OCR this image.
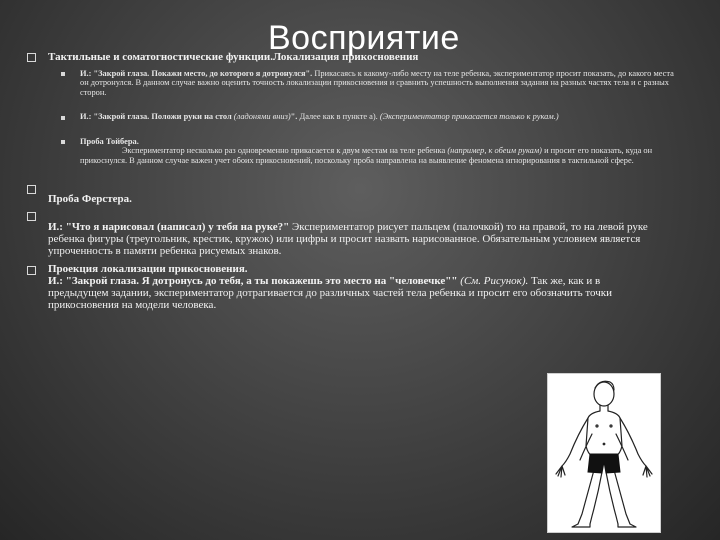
Восприятие
Тактильные и соматогностические функции.Локализация прикосновения
И.: "Закрой глаза. Покажи место, до которого я дотронулся". Прикасаясь к какому-либо месту на теле ребенка, экспериментатор просит показать, до какого места он дотронулся. В данном случае важно оценить точность локализации прикосновения и сравнить успешность выполнения задания на разных частях тела и с разных сторон.
И.: "Закрой глаза. Положи руки на стол (ладонями вниз)". Далее как в пункте а). (Экспериментатор прикасается только к рукам.)
Проба Тойбера.
Экспериментатор несколько раз одновременно прикасается к двум местам на теле ребенка (например, к обеим рукам) и просит его показать, куда он прикоснулся. В данном случае важен учет обоих прикосновений, поскольку проба направлена на выявление феномена игнорирования в тактильной сфере.
Проба Ферстера.
И.: "Что я нарисовал (написал) у тебя на руке?" Экспериментатор рисует пальцем (палочкой) то на правой, то на левой руке ребенка фигуры (треугольник, крестик, кружок) или цифры и просит назвать нарисованное. Обязательным условием является упроченность в памяти ребенка рисуемых знаков.
Проекция локализации прикосновения.
И.: "Закрой глаза. Я дотронусь до тебя, а ты покажешь это место на "человечке"" (См. Рисунок). Так же, как и в предыдущем задании, экспериментатор дотрагивается до различных частей тела ребенка и просит его обозначить точки прикосновения на модели человека.
